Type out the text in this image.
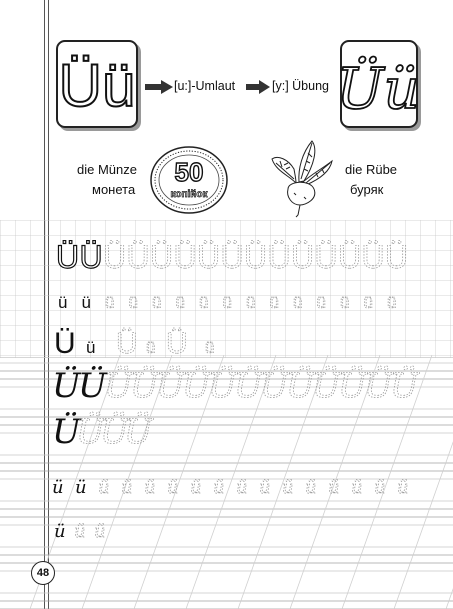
Üü	[u:]-Umlaut	[y:] Übung Üü
die Münze
монета
50
копійок
die Rübe
буряк
Ü Ü Ü Ü Ü Ü Ü Ü Ü Ü Ü Ü Ü Ü Ü
ü ü ü ü ü ü ü ü ü ü ü ü ü ü ü
Ü ü Ü ü Ü ü
Ü
Ü
Ü
Ü
Ü
Ü
Ü
Ü
Ü
Ü
Ü
Ü
Ü
Ü
Ü
Ü
Ü
Ü
ü ü ü ü ü ü ü ü ü ü ü ü ü ü ü ü
ü ü ü
48
